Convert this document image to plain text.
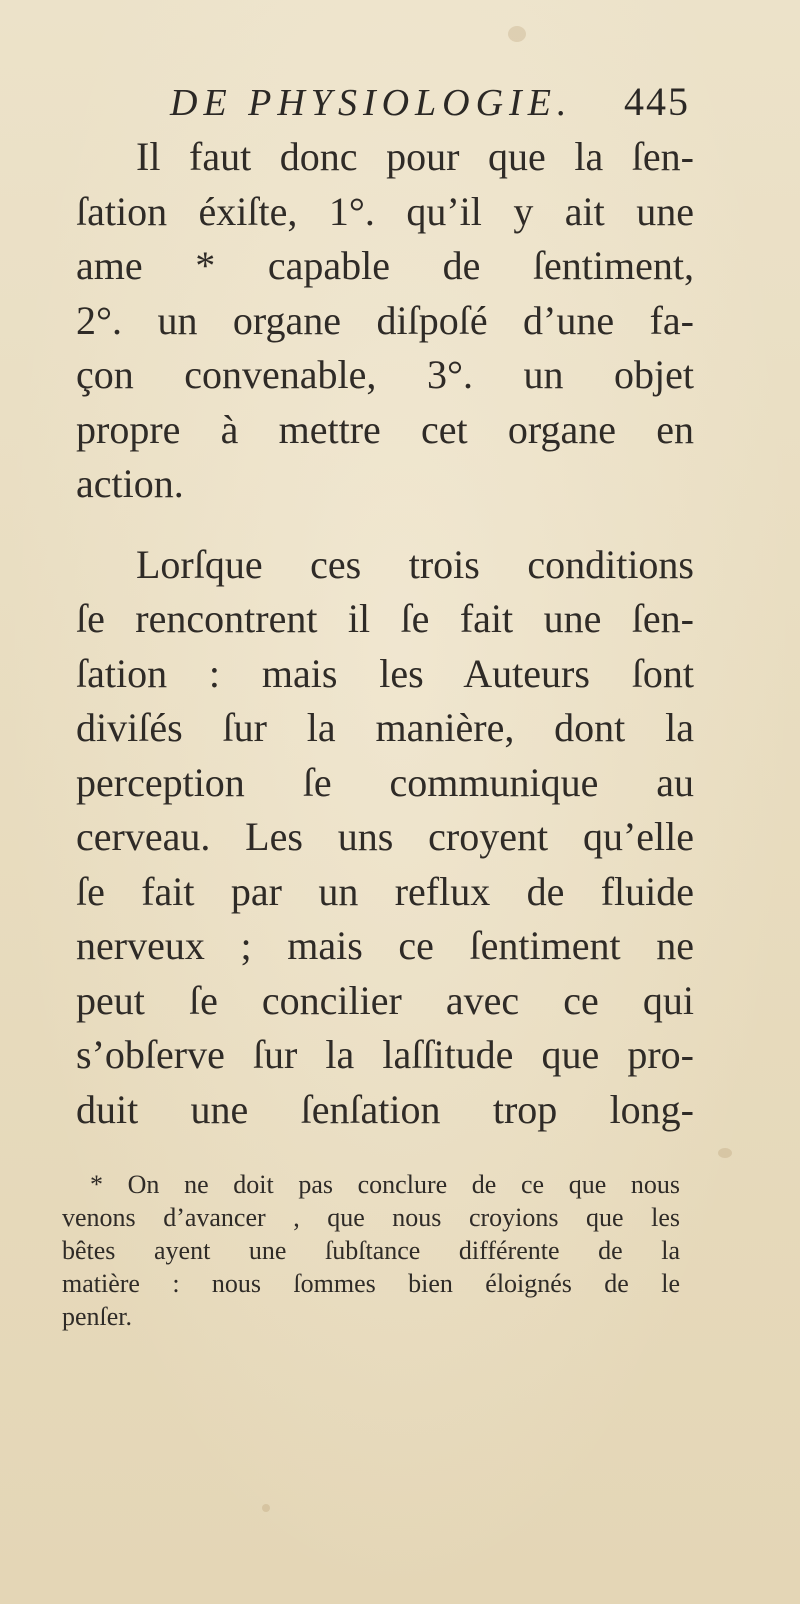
DE PHYSIOLOGIE. 445
Il faut donc pour que la ſen-
ſation éxiſte, 1°. qu’il y ait une
ame * capable de ſentiment,
2°. un organe diſpoſé d’une fa-
çon convenable, 3°. un objet
propre à mettre cet organe en
action.
Lorſque ces trois conditions
ſe rencontrent il ſe fait une ſen-
ſation : mais les Auteurs ſont
diviſés ſur la manière, dont la
perception ſe communique au
cerveau. Les uns croyent qu’elle
ſe fait par un reflux de fluide
nerveux ; mais ce ſentiment ne
peut ſe concilier avec ce qui
s’obſerve ſur la laſſitude que pro-
duit une ſenſation trop long-
* On ne doit pas conclure de ce que nous
venons d’avancer , que nous croyions que les
bêtes ayent une ſubſtance différente de la
matière : nous ſommes bien éloignés de le
penſer.
